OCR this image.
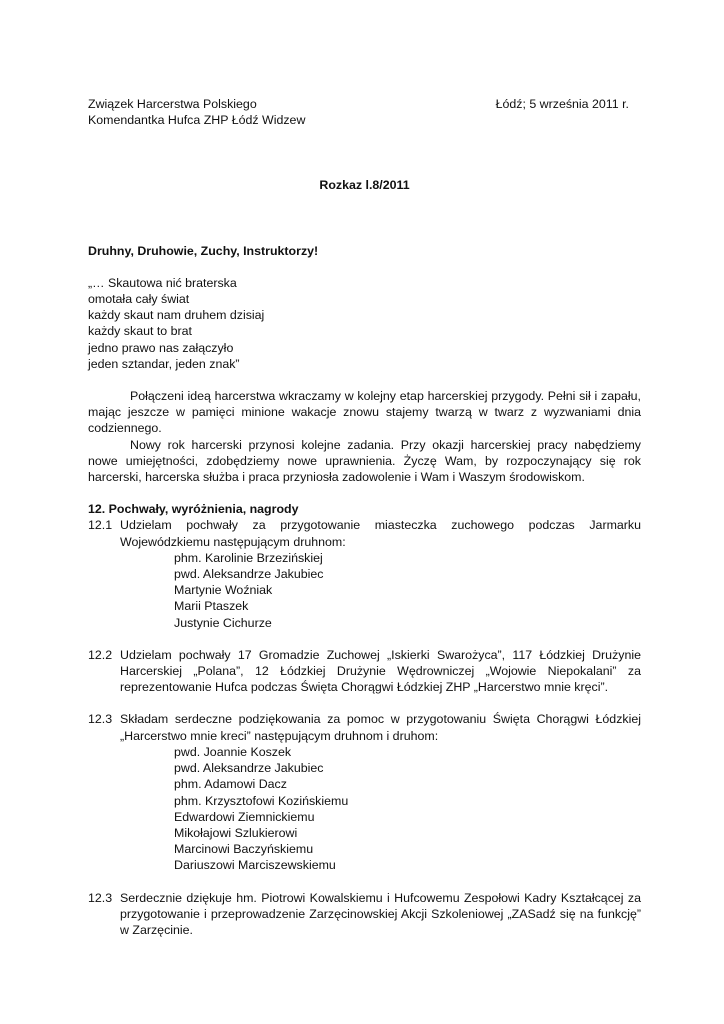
Związek Harcerstwa Polskiego
Komendantka Hufca ZHP Łódź Widzew
Łódź; 5 września 2011 r.
Rozkaz l.8/2011
Druhny, Druhowie, Zuchy, Instruktorzy!
„… Skautowa nić braterska
omotała cały świat
każdy skaut nam druhem dzisiaj
każdy skaut to brat
jedno prawo nas załączyło
jeden sztandar, jeden znak”
Połączeni ideą harcerstwa wkraczamy w kolejny etap harcerskiej przygody. Pełni sił i zapału, mając jeszcze w pamięci minione wakacje znowu stajemy twarzą w twarz z wyzwaniami dnia codziennego.
Nowy rok harcerski przynosi kolejne zadania. Przy okazji harcerskiej pracy nabędziemy nowe umiejętności, zdobędziemy nowe uprawnienia. Życzę Wam, by rozpoczynający się rok harcerski, harcerska służba i praca przyniosła zadowolenie i Wam i Waszym środowiskom.
12. Pochwały, wyróżnienia, nagrody
12.1 Udzielam pochwały za przygotowanie miasteczka zuchowego podczas Jarmarku Wojewódzkiemu następującym druhnom:
phm. Karolinie Brzezińskiej
pwd. Aleksandrze Jakubiec
Martynie Woźniak
Marii Ptaszek
Justynie Cichurze
12.2 Udzielam pochwały 17 Gromadzie Zuchowej „Iskierki Swarożyca”, 117 Łódzkiej Drużynie Harcerskiej „Polana”, 12 Łódzkiej Drużynie Wędrowniczej „Wojowie Niepokalani” za reprezentowanie Hufca podczas Święta Chorągwi Łódzkiej ZHP „Harcerstwo mnie kręci”.
12.3 Składam serdeczne podziękowania za pomoc w przygotowaniu Święta Chorągwi Łódzkiej „Harcerstwo mnie kreci” następującym druhnom i druhom:
pwd. Joannie Koszek
pwd. Aleksandrze Jakubiec
phm. Adamowi Dacz
phm. Krzysztofowi Kozińskiemu
Edwardowi Ziemnickiemu
Mikołajowi Szlukierowi
Marcinowi Baczyńskiemu
Dariuszowi Marciszewskiemu
12.3 Serdecznie dziękuje hm. Piotrowi Kowalskiemu i Hufcowemu Zespołowi Kadry Kształcącej za przygotowanie i przeprowadzenie Zarzęcinowskiej Akcji Szkoleniowej „ZASadź się na funkcję” w Zarzęcinie.
